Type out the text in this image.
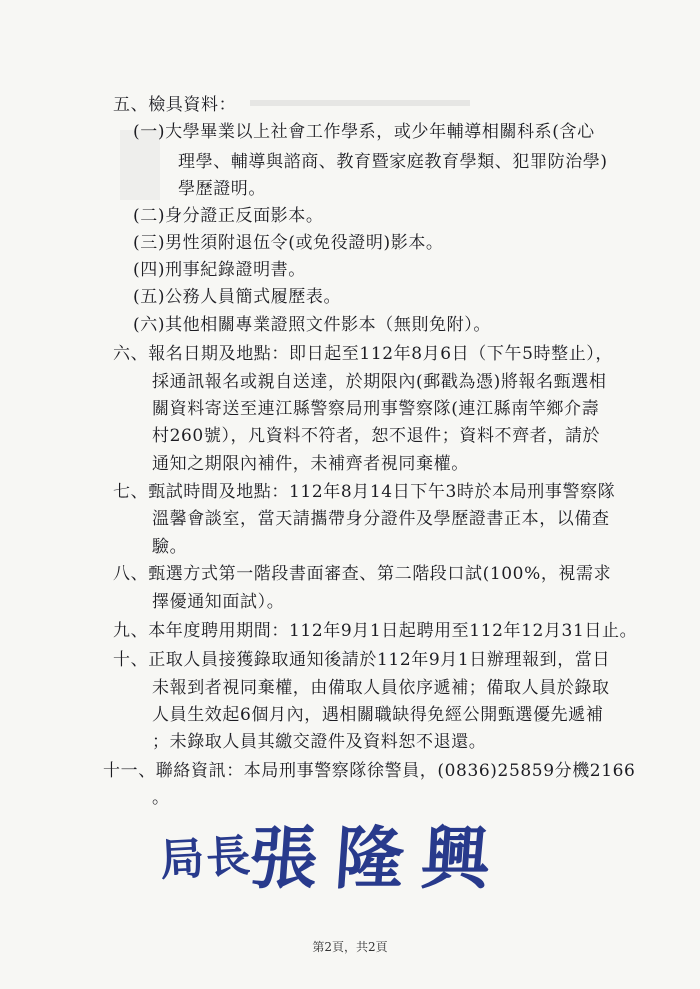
五、檢具資料：
(一)大學畢業以上社會工作學系，或少年輔導相關科系(含心
理學、輔導與諮商、教育暨家庭教育學類、犯罪防治學)
學歷證明。
(二)身分證正反面影本。
(三)男性須附退伍令(或免役證明)影本。
(四)刑事紀錄證明書。
(五)公務人員簡式履歷表。
(六)其他相關專業證照文件影本（無則免附）。
六、報名日期及地點：即日起至112年8月6日（下午5時整止），
採通訊報名或親自送達，於期限內(郵戳為憑)將報名甄選相
關資料寄送至連江縣警察局刑事警察隊(連江縣南竿鄉介壽
村260號），凡資料不符者，恕不退件；資料不齊者，請於
通知之期限內補件，未補齊者視同棄權。
七、甄試時間及地點：112年8月14日下午3時於本局刑事警察隊
溫馨會談室，當天請攜帶身分證件及學歷證書正本，以備查
驗。
八、甄選方式第一階段書面審查、第二階段口試(100%，視需求
擇優通知面試）。
九、本年度聘用期間：112年9月1日起聘用至112年12月31日止。
十、正取人員接獲錄取通知後請於112年9月1日辦理報到，當日
未報到者視同棄權，由備取人員依序遞補；備取人員於錄取
人員生效起6個月內，遇相關職缺得免經公開甄選優先遞補
；未錄取人員其繳交證件及資料恕不退還。
十一、聯絡資訊：本局刑事警察隊徐警員，(0836)25859分機2166
。
局長
張隆興
第2頁，共2頁
